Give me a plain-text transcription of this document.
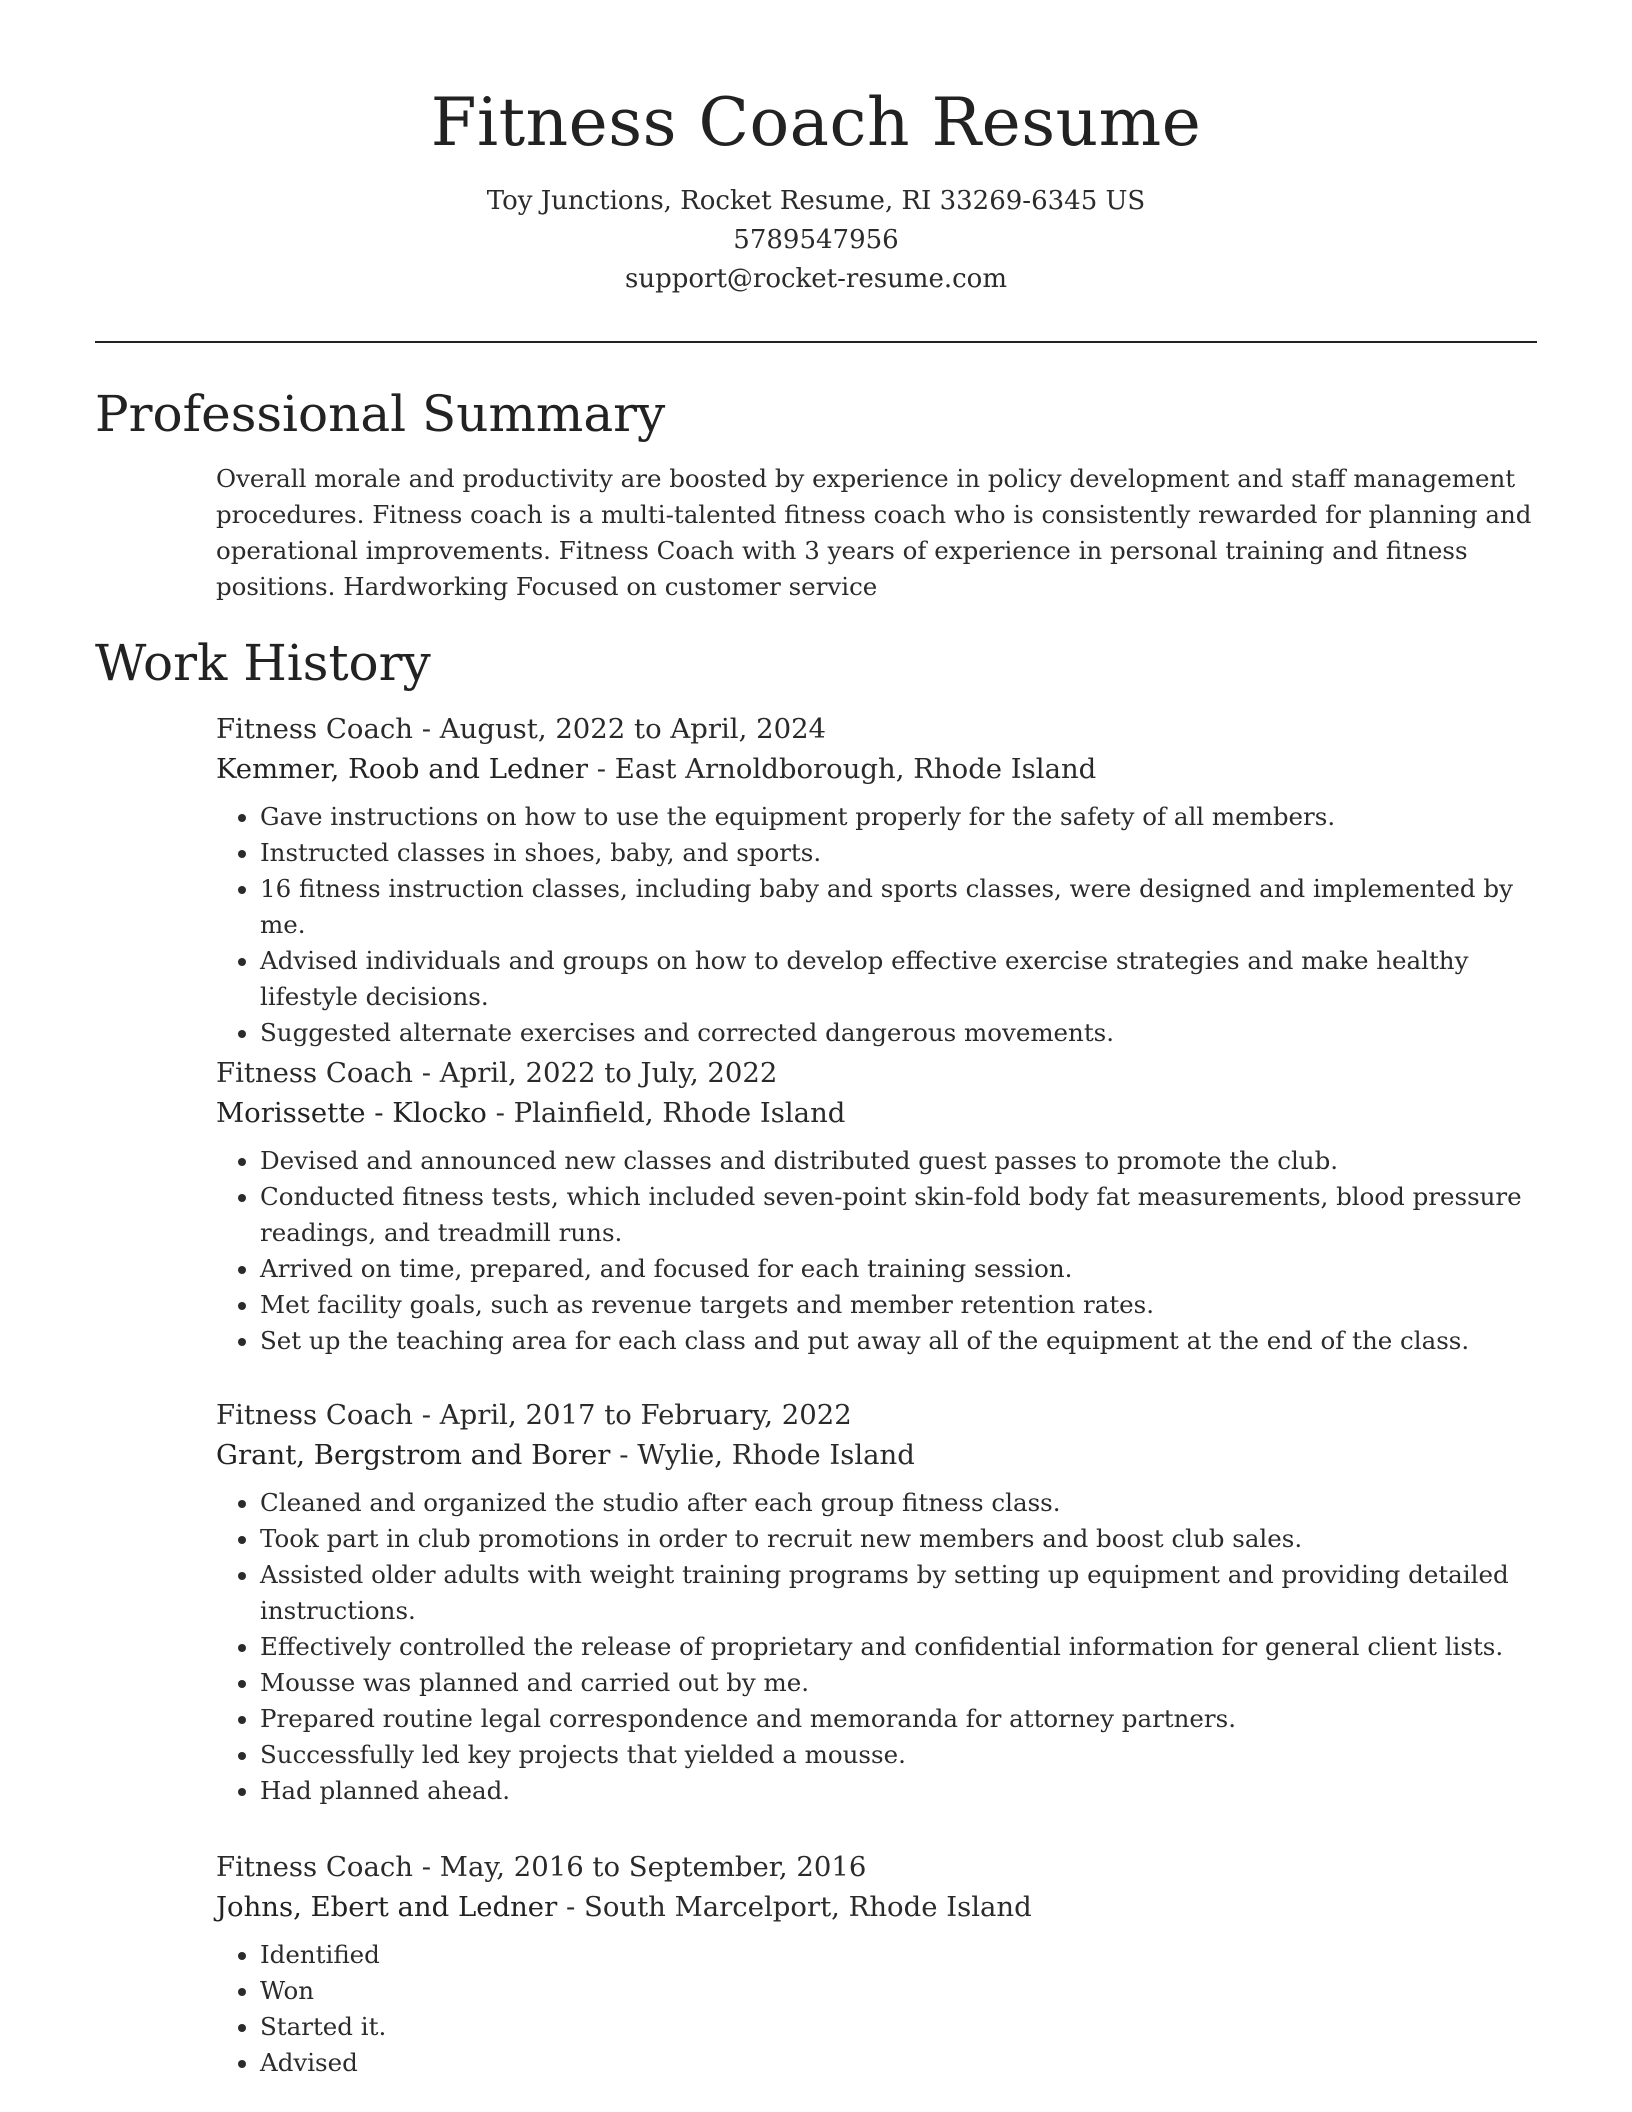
Fitness Coach Resume
Toy Junctions, Rocket Resume, RI 33269-6345 US
5789547956
support@rocket-resume.com
Professional Summary
Overall morale and productivity are boosted by experience in policy development and staff management procedures. Fitness coach is a multi-talented fitness coach who is consistently rewarded for planning and operational improvements. Fitness Coach with 3 years of experience in personal training and fitness positions. Hardworking Focused on customer service
Work History
Fitness Coach - August, 2022 to April, 2024
Kemmer, Roob and Ledner - East Arnoldborough, Rhode Island
• Gave instructions on how to use the equipment properly for the safety of all members.
• Instructed classes in shoes, baby, and sports.
• 16 fitness instruction classes, including baby and sports classes, were designed and implemented by me.
• Advised individuals and groups on how to develop effective exercise strategies and make healthy lifestyle decisions.
• Suggested alternate exercises and corrected dangerous movements.
Fitness Coach - April, 2022 to July, 2022
Morissette - Klocko - Plainfield, Rhode Island
• Devised and announced new classes and distributed guest passes to promote the club.
• Conducted fitness tests, which included seven-point skin-fold body fat measurements, blood pressure readings, and treadmill runs.
• Arrived on time, prepared, and focused for each training session.
• Met facility goals, such as revenue targets and member retention rates.
• Set up the teaching area for each class and put away all of the equipment at the end of the class.
Fitness Coach - April, 2017 to February, 2022
Grant, Bergstrom and Borer - Wylie, Rhode Island
• Cleaned and organized the studio after each group fitness class.
• Took part in club promotions in order to recruit new members and boost club sales.
• Assisted older adults with weight training programs by setting up equipment and providing detailed instructions.
• Effectively controlled the release of proprietary and confidential information for general client lists.
• Mousse was planned and carried out by me.
• Prepared routine legal correspondence and memoranda for attorney partners.
• Successfully led key projects that yielded a mousse.
• Had planned ahead.
Fitness Coach - May, 2016 to September, 2016
Johns, Ebert and Ledner - South Marcelport, Rhode Island
• Identified
• Won
• Started it.
• Advised
